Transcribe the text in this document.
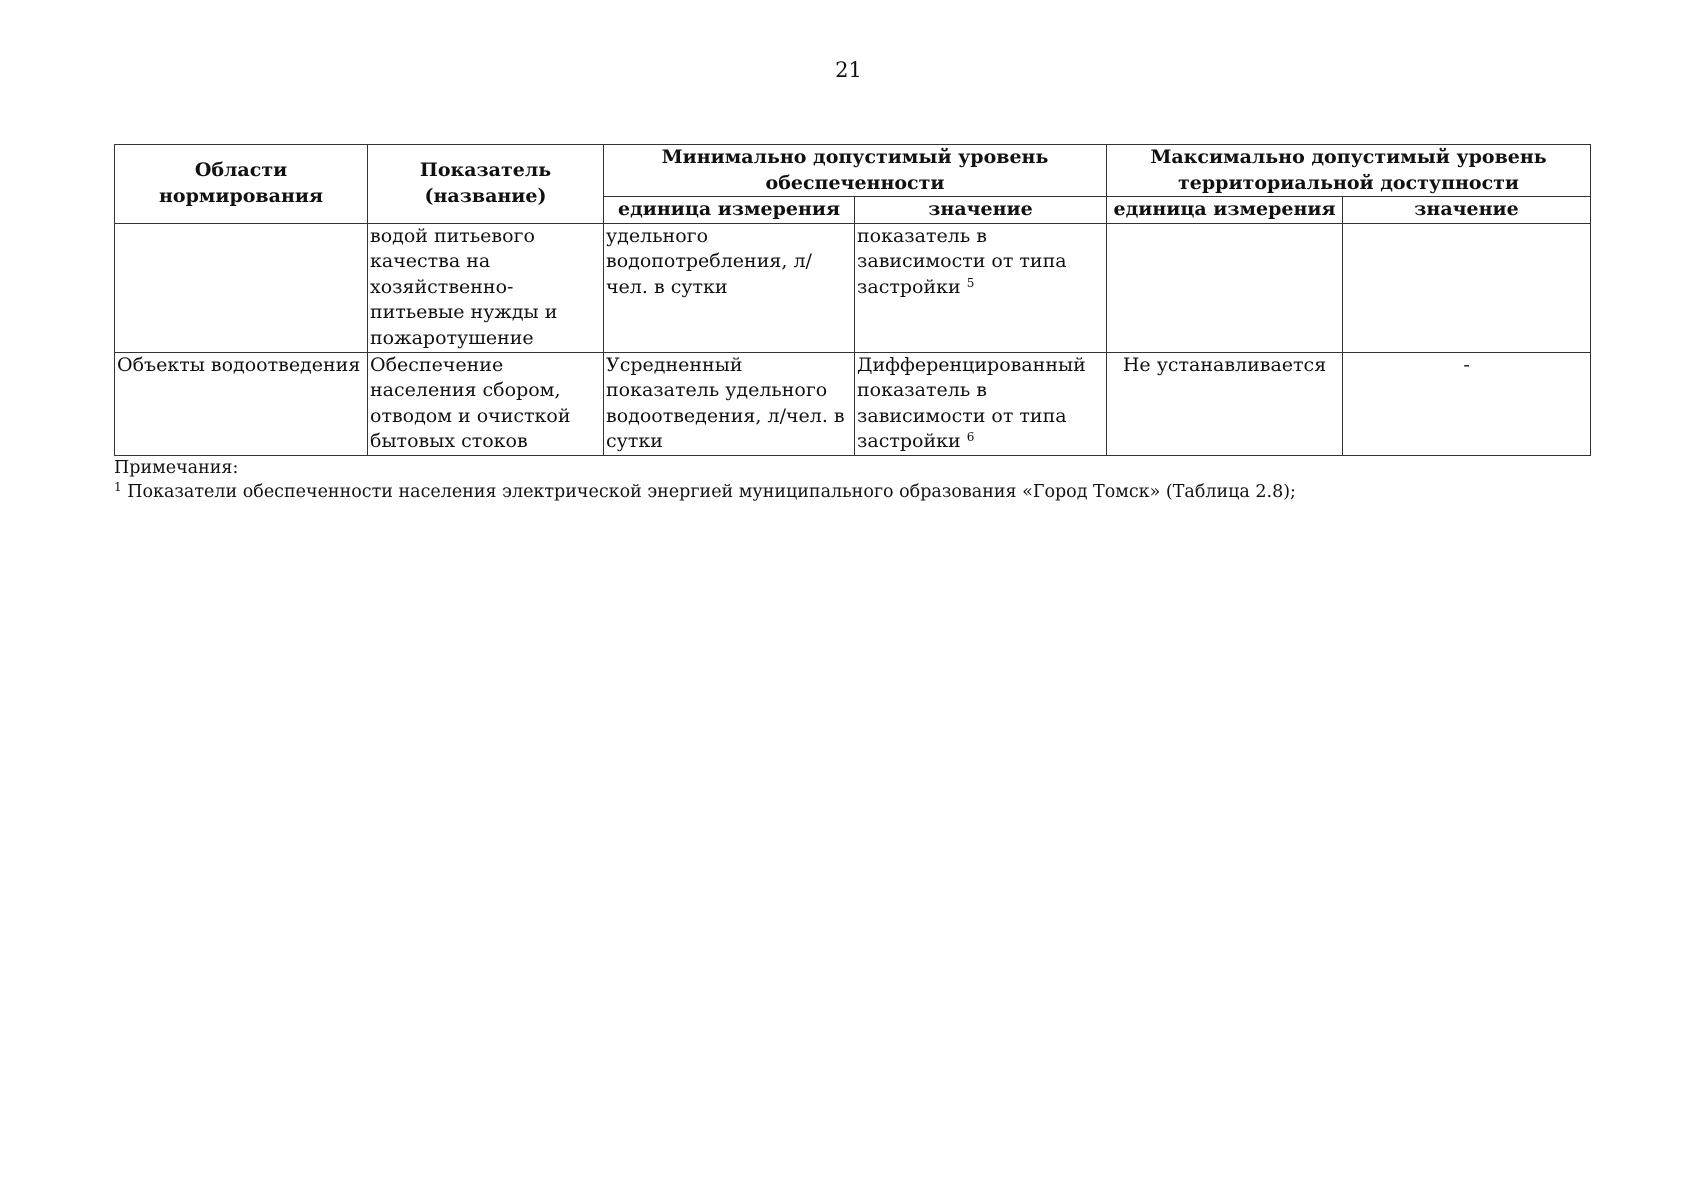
21
Области нормирования	Показатель (название)	Минимально допустимый уровень обеспеченности		Максимально допустимый уровень территориальной доступности	
		единица измерения	значение	единица измерения	значение
	водой питьевого качества на хозяйственно-питьевые нужды и пожаротушение	удельного водопотребления, л/чел. в сутки	показатель в зависимости от типа застройки $^5$		
Объекты водоотведения	Обеспечение населения сбором, отводом и очисткой бытовых стоков	Усредненный показатель удельного водоотведения, л/чел. в сутки	Дифференцированный показатель в зависимости от типа застройки $^6$	Не устанавливается	-
Примечания:
$^1$ Показатели обеспеченности населения электрической энергией муниципального образования «Город Томск» (Таблица 2.8);
